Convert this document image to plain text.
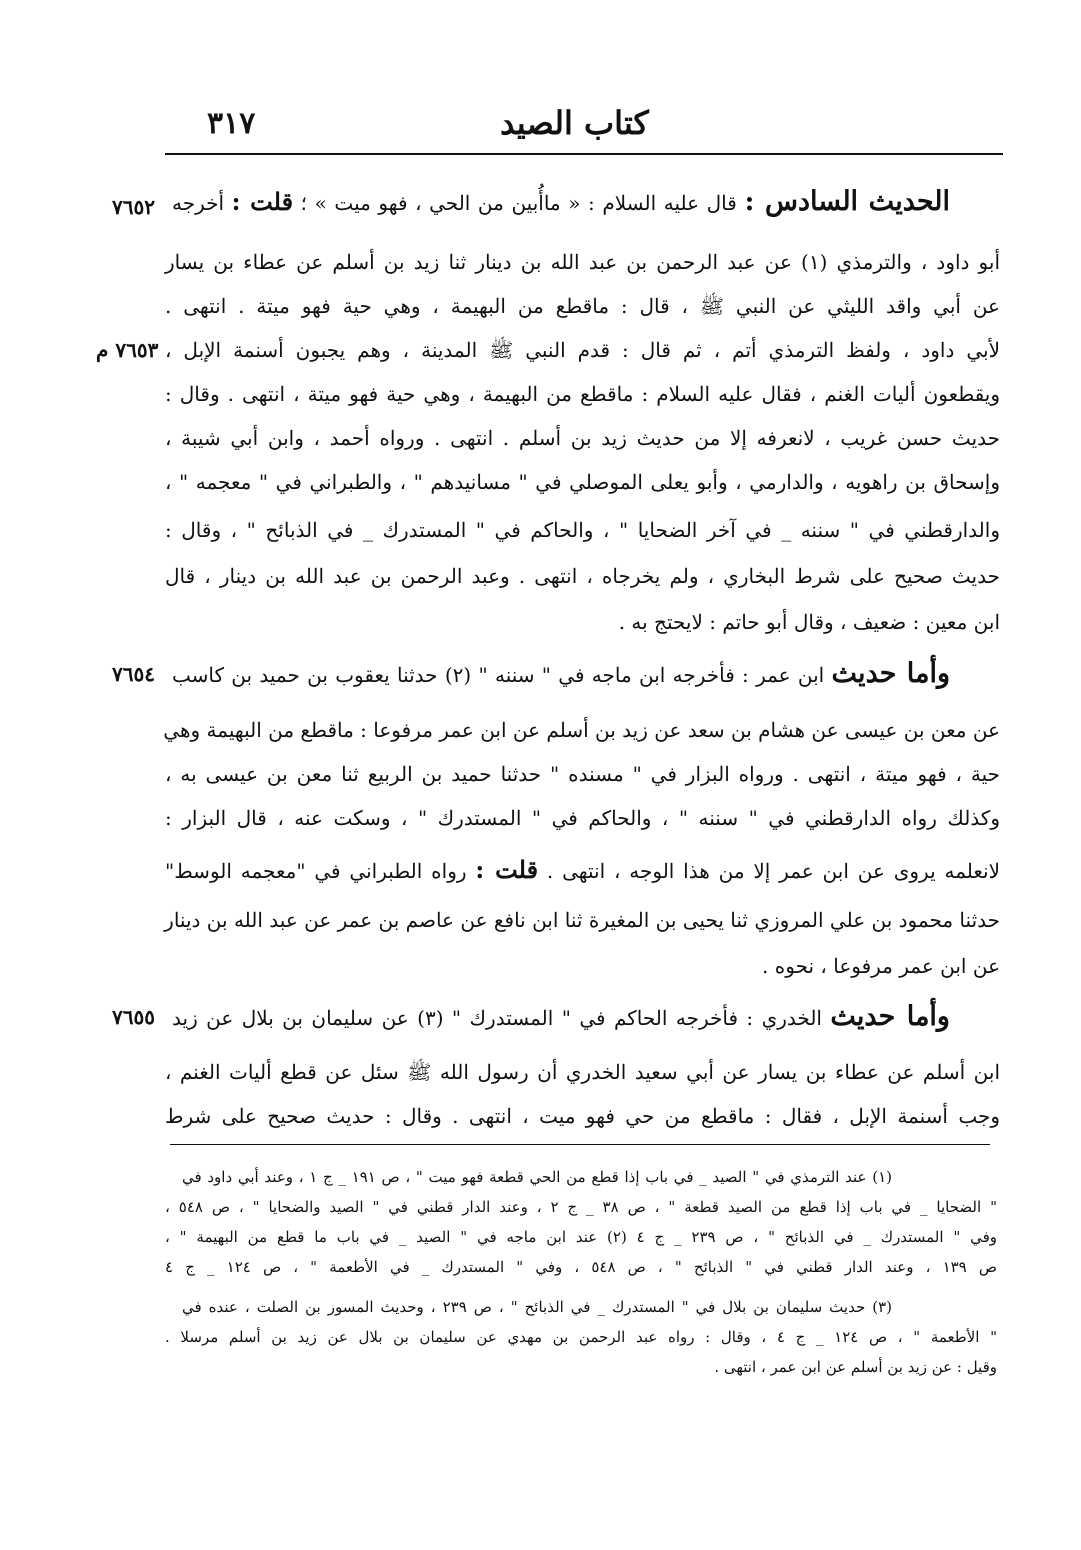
٣١٧	كتاب الصيد
٧٦٥٢
٧٦٥٣ م
٧٦٥٤
٧٦٥٥
الحديث السادس : قال عليه السلام : « ماأُبين من الحي ، فهو ميت » ؛ قلت : أخرجه
أبو داود ، والترمذي (١) عن عبد الرحمن بن عبد الله بن دينار ثنا زيد بن أسلم عن عطاء بن يسار
عن أبي واقد الليثي عن النبي ﷺ ، قال : ماقطع من البهيمة ، وهي حية فهو ميتة . انتهى .
لأبي داود ، ولفظ الترمذي أتم ، ثم قال : قدم النبي ﷺ المدينة ، وهم يجبون أسنمة الإبل ،
ويقطعون أليات الغنم ، فقال عليه السلام : ماقطع من البهيمة ، وهي حية فهو ميتة ، انتهى . وقال :
حديث حسن غريب ، لانعرفه إلا من حديث زيد بن أسلم . انتهى . ورواه أحمد ، وابن أبي شيبة ،
وإسحاق بن راهويه ، والدارمي ، وأبو يعلى الموصلي في " مسانيدهم " ، والطبراني في " معجمه " ،
والدارقطني في " سننه _ في آخر الضحايا " ، والحاكم في " المستدرك _ في الذبائح " ، وقال :
حديث صحيح على شرط البخاري ، ولم يخرجاه ، انتهى . وعبد الرحمن بن عبد الله بن دينار ، قال
ابن معين : ضعيف ، وقال أبو حاتم : لايحتج به .
وأما حديث ابن عمر : فأخرجه ابن ماجه في " سننه " (٢) حدثنا يعقوب بن حميد بن كاسب
عن معن بن عيسى عن هشام بن سعد عن زيد بن أسلم عن ابن عمر مرفوعا : ماقطع من البهيمة وهي
حية ، فهو ميتة ، انتهى . ورواه البزار في " مسنده " حدثنا حميد بن الربيع ثنا معن بن عيسى به ،
وكذلك رواه الدارقطني في " سننه " ، والحاكم في " المستدرك " ، وسكت عنه ، قال البزار :
لانعلمه يروى عن ابن عمر إلا من هذا الوجه ، انتهى . قلت : رواه الطبراني في "معجمه الوسط"
حدثنا محمود بن علي المروزي ثنا يحيى بن المغيرة ثنا ابن نافع عن عاصم بن عمر عن عبد الله بن دينار
عن ابن عمر مرفوعا ، نحوه .
وأما حديث الخدري : فأخرجه الحاكم في " المستدرك " (٣) عن سليمان بن بلال عن زيد
ابن أسلم عن عطاء بن يسار عن أبي سعيد الخدري أن رسول الله ﷺ سئل عن قطع أليات الغنم ،
وجب أسنمة الإبل ، فقال : ماقطع من حي فهو ميت ، انتهى . وقال : حديث صحيح على شرط
(١) عند الترمذي في " الصيد _ في باب إذا قطع من الحي قطعة فهو ميت " ، ص ١٩١ _ ج ١ ، وعند أبي داود في
" الضحايا _ في باب إذا قطع من الصيد قطعة " ، ص ٣٨ _ ج ٢ ، وعند الدار قطني في " الصيد والضحايا " ، ص ٥٤٨ ،
وفي " المستدرك _ في الذبائح " ، ص ٢٣٩ _ ج ٤ (٢) عند ابن ماجه في " الصيد _ في باب ما قطع من البهيمة " ،
ص ١٣٩ ، وعند الدار قطني في " الذبائح " ، ص ٥٤٨ ، وفي " المستدرك _ في الأطعمة " ، ص ١٢٤ _ ج ٤
(٣) حديث سليمان بن بلال في " المستدرك _ في الذبائح " ، ص ٢٣٩ ، وحديث المسور بن الصلت ، عنده في
" الأطعمة " ، ص ١٢٤ _ ج ٤ ، وقال : رواه عبد الرحمن بن مهدي عن سليمان بن بلال عن زيد بن أسلم مرسلا .
وقيل : عن زيد بن أسلم عن ابن عمر ، انتهى .
